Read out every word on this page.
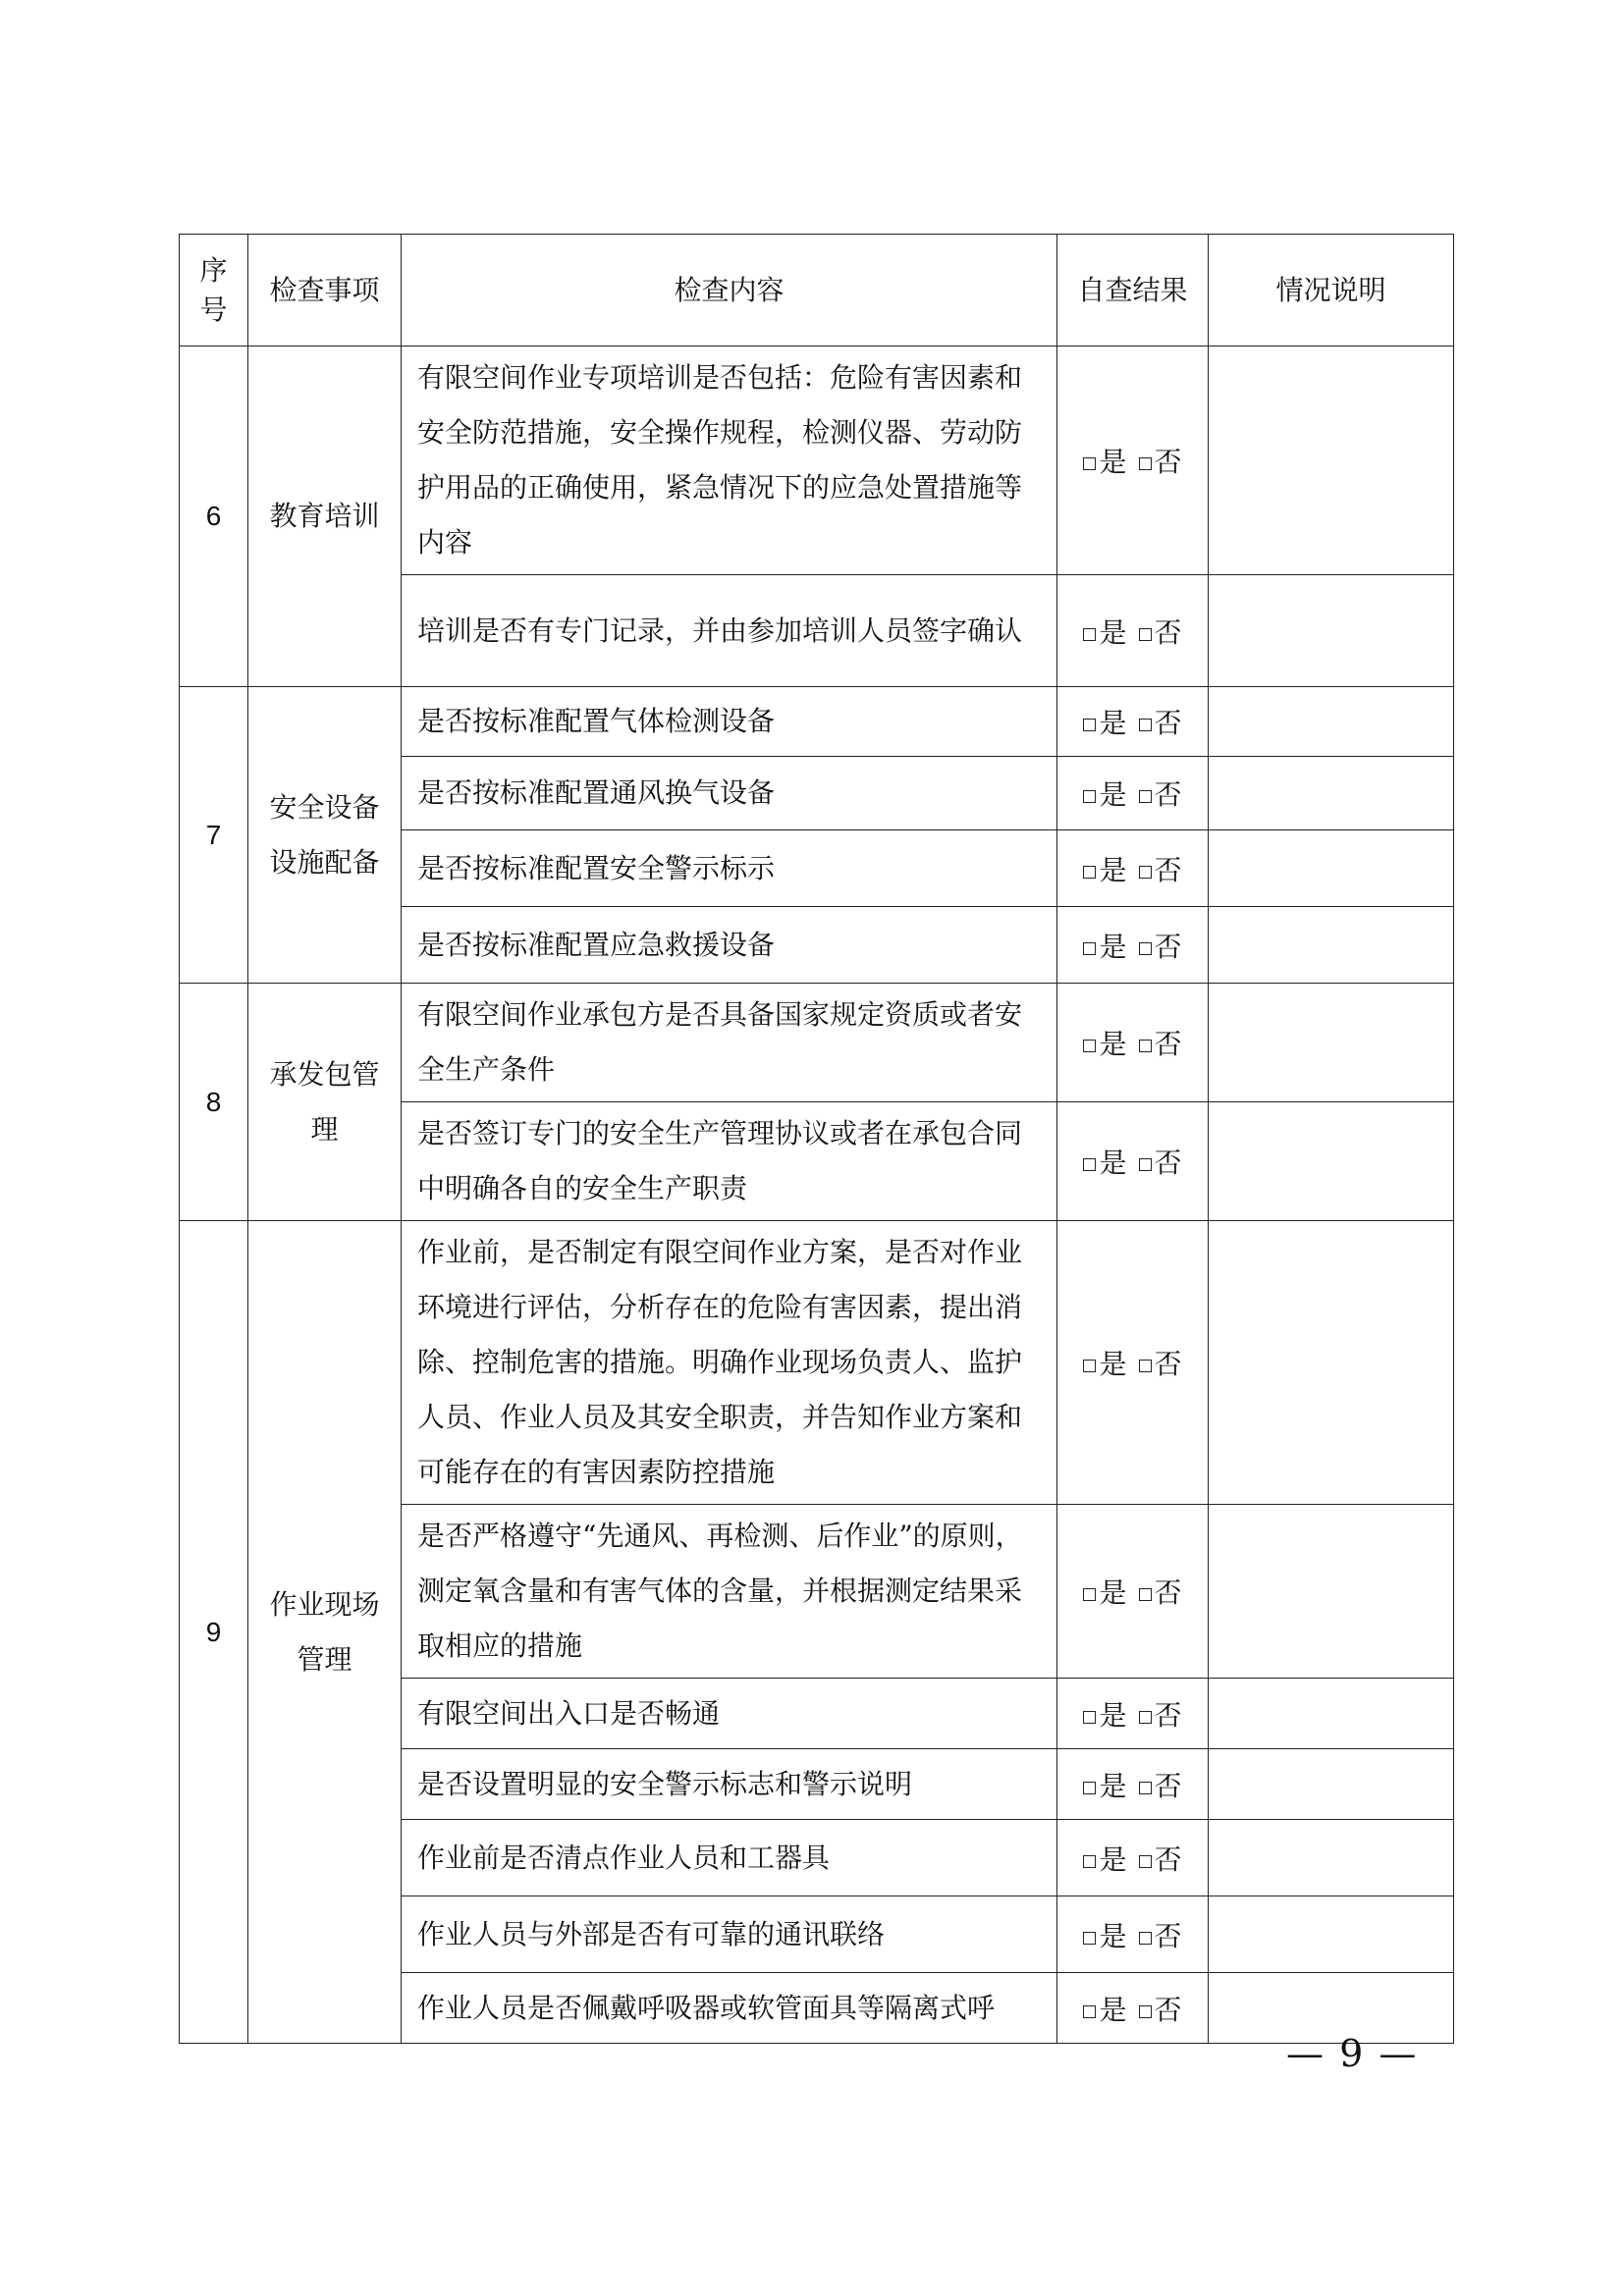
序号	检查事项	检查内容	自查结果	情况说明
6	教育培训	有限空间作业专项培训是否包括：危险有害因素和安全防范措施，安全操作规程，检测仪器、劳动防护用品的正确使用，紧急情况下的应急处置措施等内容	是 否	
		培训是否有专门记录，并由参加培训人员签字确认	是 否	
7	安全设备设施配备	是否按标准配置气体检测设备	是 否	
		是否按标准配置通风换气设备	是 否	
		是否按标准配置安全警示标示	是 否	
		是否按标准配置应急救援设备	是 否	
8	承发包管理	有限空间作业承包方是否具备国家规定资质或者安全生产条件	是 否	
		是否签订专门的安全生产管理协议或者在承包合同中明确各自的安全生产职责	是 否	
9	作业现场管理	作业前，是否制定有限空间作业方案，是否对作业环境进行评估，分析存在的危险有害因素，提出消除、控制危害的措施。明确作业现场负责人、监护人员、作业人员及其安全职责，并告知作业方案和可能存在的有害因素防控措施	是 否	
		是否严格遵守“先通风、再检测、后作业”的原则，测定氧含量和有害气体的含量，并根据测定结果采取相应的措施	是 否	
		有限空间出入口是否畅通	是 否	
		是否设置明显的安全警示标志和警示说明	是 否	
		作业前是否清点作业人员和工器具	是 否	
		作业人员与外部是否有可靠的通讯联络	是 否	
		作业人员是否佩戴呼吸器或软管面具等隔离式呼	是 否	
— 9 —
